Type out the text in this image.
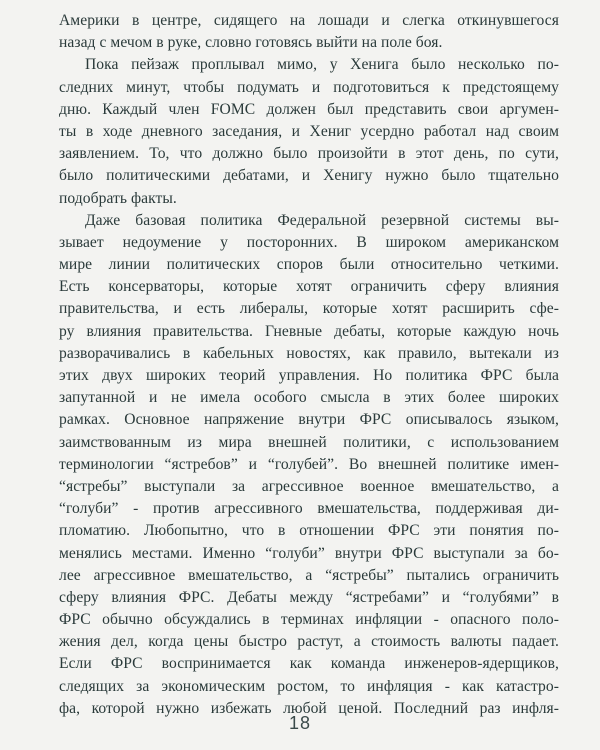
Америки в центре, сидящего на лошади и слегка откинувшегося
назад с мечом в руке, словно готовясь выйти на поле боя.
Пока пейзаж проплывал мимо, у Хенига было несколько по-
следних минут, чтобы подумать и подготовиться к предстоящему
дню. Каждый член FOMC должен был представить свои аргумен-
ты в ходе дневного заседания, и Хениг усердно работал над своим
заявлением. То, что должно было произойти в этот день, по сути,
было политическими дебатами, и Хенигу нужно было тщательно
подобрать факты.
Даже базовая политика Федеральной резервной системы вы-
зывает недоумение у посторонних. В широком американском
мире линии политических споров были относительно четкими.
Есть консерваторы, которые хотят ограничить сферу влияния
правительства, и есть либералы, которые хотят расширить сфе-
ру влияния правительства. Гневные дебаты, которые каждую ночь
разворачивались в кабельных новостях, как правило, вытекали из
этих двух широких теорий управления. Но политика ФРС была
запутанной и не имела особого смысла в этих более широких
рамках. Основное напряжение внутри ФРС описывалось языком,
заимствованным из мира внешней политики, с использованием
терминологии “ястребов” и “голубей”. Во внешней политике имен-
“ястребы” выступали за агрессивное военное вмешательство, а
“голуби” - против агрессивного вмешательства, поддерживая ди-
пломатию. Любопытно, что в отношении ФРС эти понятия по-
менялись местами. Именно “голуби” внутри ФРС выступали за бо-
лее агрессивное вмешательство, а “ястребы” пытались ограничить
сферу влияния ФРС. Дебаты между “ястребами” и “голубями” в
ФРС обычно обсуждались в терминах инфляции - опасного поло-
жения дел, когда цены быстро растут, а стоимость валюты падает.
Если ФРС воспринимается как команда инженеров-ядерщиков,
следящих за экономическим ростом, то инфляция - как катастро-
фа, которой нужно избежать любой ценой. Последний раз инфля-
18
